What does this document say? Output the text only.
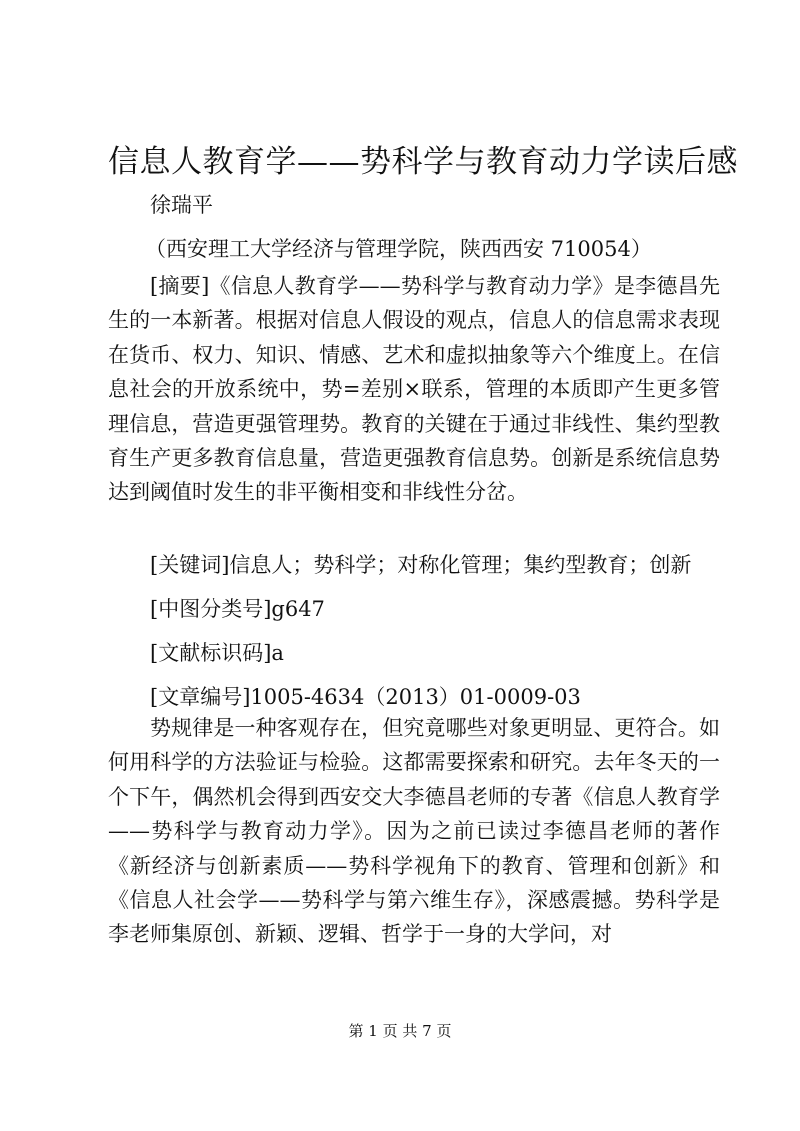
信息人教育学——势科学与教育动力学读后感

徐瑞平

（西安理工大学经济与管理学院，陕西西安 710054）

[摘要]《信息人教育学——势科学与教育动力学》是李德昌先生的一本新著。根据对信息人假设的观点，信息人的信息需求表现在货币、权力、知识、情感、艺术和虚拟抽象等六个维度上。在信息社会的开放系统中，势=差别×联系，管理的本质即产生更多管理信息，营造更强管理势。教育的关键在于通过非线性、集约型教育生产更多教育信息量，营造更强教育信息势。创新是系统信息势达到阈值时发生的非平衡相变和非线性分岔。

[关键词]信息人；势科学；对称化管理；集约型教育；创新

[中图分类号]g647

[文献标识码]a

[文章编号]1005-4634（2013）01-0009-03

势规律是一种客观存在，但究竟哪些对象更明显、更符合。如何用科学的方法验证与检验。这都需要探索和研究。去年冬天的一个下午，偶然机会得到西安交大李德昌老师的专著《信息人教育学——势科学与教育动力学》。因为之前已读过李德昌老师的著作《新经济与创新素质——势科学视角下的教育、管理和创新》和《信息人社会学——势科学与第六维生存》，深感震撼。势科学是李老师集原创、新颖、逻辑、哲学于一身的大学问，对

第 1 页 共 7 页
